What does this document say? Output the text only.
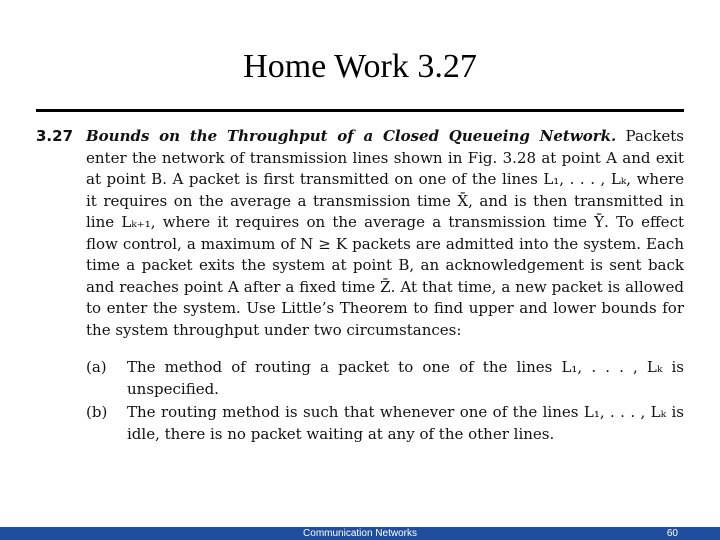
Home Work 3.27
3.27 Bounds on the Throughput of a Closed Queueing Network. Packets enter the network of transmission lines shown in Fig. 3.28 at point A and exit at point B. A packet is first transmitted on one of the lines L₁, . . . , Lₖ, where it requires on the average a transmission time X̄, and is then transmitted in line Lₖ₊₁, where it requires on the average a transmission time Ȳ. To effect flow control, a maximum of N ≥ K packets are admitted into the system. Each time a packet exits the system at point B, an acknowledgement is sent back and reaches point A after a fixed time Z̄. At that time, a new packet is allowed to enter the system. Use Little’s Theorem to find upper and lower bounds for the system throughput under two circumstances:
(a)	The method of routing a packet to one of the lines L₁, . . . , Lₖ is unspecified.
(b)	The routing method is such that whenever one of the lines L₁, . . . , Lₖ is idle, there is no packet waiting at any of the other lines.
Communication Networks	60
